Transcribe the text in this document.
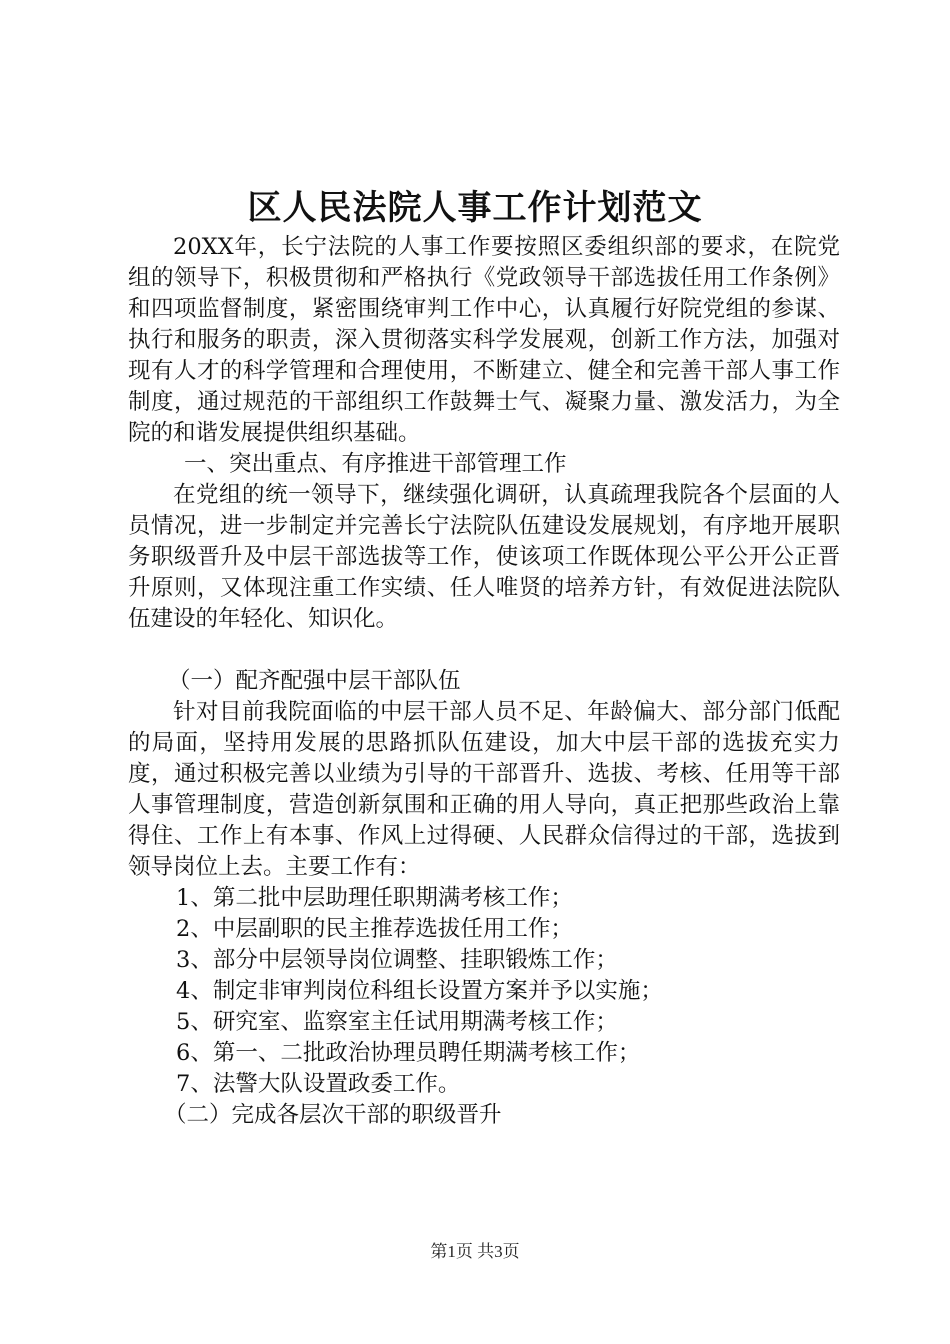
区人民法院人事工作计划范文

20XX年，长宁法院的人事工作要按照区委组织部的要求，在院党组的领导下，积极贯彻和严格执行《党政领导干部选拔任用工作条例》和四项监督制度，紧密围绕审判工作中心，认真履行好院党组的参谋、执行和服务的职责，深入贯彻落实科学发展观，创新工作方法，加强对现有人才的科学管理和合理使用，不断建立、健全和完善干部人事工作制度，通过规范的干部组织工作鼓舞士气、凝聚力量、激发活力，为全院的和谐发展提供组织基础。

一、突出重点、有序推进干部管理工作

在党组的统一领导下，继续强化调研，认真疏理我院各个层面的人员情况，进一步制定并完善长宁法院队伍建设发展规划，有序地开展职务职级晋升及中层干部选拔等工作，使该项工作既体现公平公开公正晋升原则，又体现注重工作实绩、任人唯贤的培养方针，有效促进法院队伍建设的年轻化、知识化。

（一）配齐配强中层干部队伍

针对目前我院面临的中层干部人员不足、年龄偏大、部分部门低配的局面，坚持用发展的思路抓队伍建设，加大中层干部的选拔充实力度，通过积极完善以业绩为引导的干部晋升、选拔、考核、任用等干部人事管理制度，营造创新氛围和正确的用人导向，真正把那些政治上靠得住、工作上有本事、作风上过得硬、人民群众信得过的干部，选拔到领导岗位上去。主要工作有：

1、第二批中层助理任职期满考核工作；

2、中层副职的民主推荐选拔任用工作；

3、部分中层领导岗位调整、挂职锻炼工作；

4、制定非审判岗位科组长设置方案并予以实施；

5、研究室、监察室主任试用期满考核工作；

6、第一、二批政治协理员聘任期满考核工作；

7、法警大队设置政委工作。

（二）完成各层次干部的职级晋升

第1页 共3页
